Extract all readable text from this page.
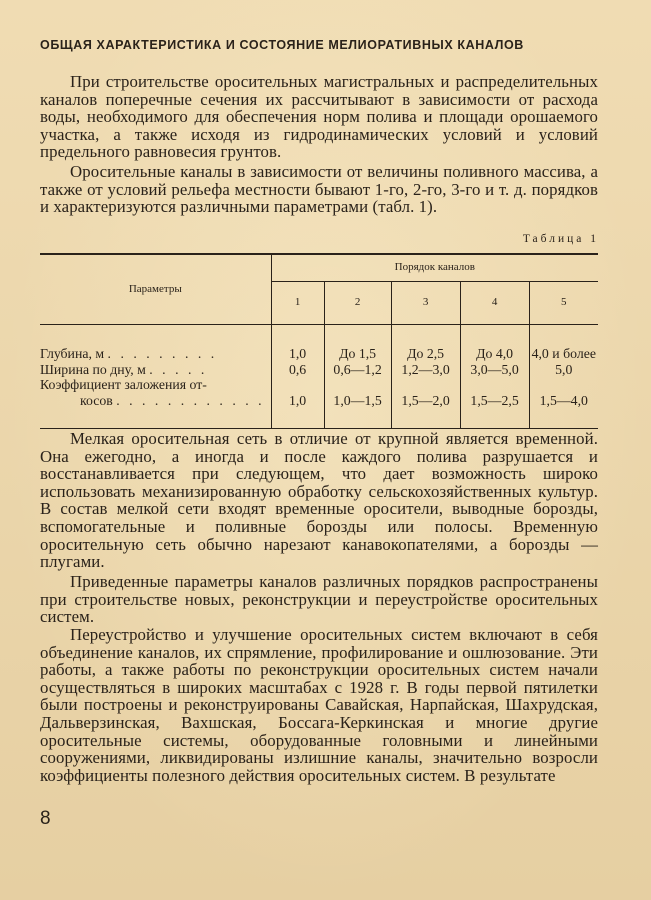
ОБЩАЯ ХАРАКТЕРИСТИКА И СОСТОЯНИЕ МЕЛИОРАТИВНЫХ КАНАЛОВ

При строительстве оросительных магистральных и распределительных каналов поперечные сечения их рассчитывают в зависимости от расхода воды, необходимого для обеспечения норм полива и площади орошаемого участка, а также исходя из гидродинамических условий и условий предельного равновесия грунтов.

Оросительные каналы в зависимости от величины поливного массива, а также от условий рельефа местности бывают 1-го, 2-го, 3-го и т. д. порядков и характеризуются различными параметрами (табл. 1).

Таблица 1
Параметры	Порядок каналов				
	1	2	3	4	5
Глубина, м . . . . . . . . .	1,0	До 1,5	До 2,5	До 4,0	4,0 и более
Ширина по дну, м . . . . .	0,6	0,6—1,2	1,2—3,0	3,0—5,0	5,0
Коэффициент заложения от-

косов . . . . . . . . . . . .	1,0	1,0—1,5	1,5—2,0	1,5—2,5	1,5—4,0

Мелкая оросительная сеть в отличие от крупной является временной. Она ежегодно, а иногда и после каждого полива разрушается и восстанавливается при следующем, что дает возможность широко использовать механизированную обработку сельскохозяйственных культур. В состав мелкой сети входят временные оросители, выводные борозды, вспомогательные и поливные борозды или полосы. Временную оросительную сеть обычно нарезают канавокопателями, а борозды — плугами.

Приведенные параметры каналов различных порядков распространены при строительстве новых, реконструкции и переустройстве оросительных систем.

Переустройство и улучшение оросительных систем включают в себя объединение каналов, их спрямление, профилирование и ошлюзование. Эти работы, а также работы по реконструкции оросительных систем начали осуществляться в широких масштабах с 1928 г. В годы первой пятилетки были построены и реконструированы Савайская, Нарпайская, Шахрудская, Дальверзинская, Вахшская, Боссага-Керкинская и многие другие оросительные системы, оборудованные головными и линейными сооружениями, ликвидированы излишние каналы, значительно возросли коэффициенты полезного действия оросительных систем. В результате

8
